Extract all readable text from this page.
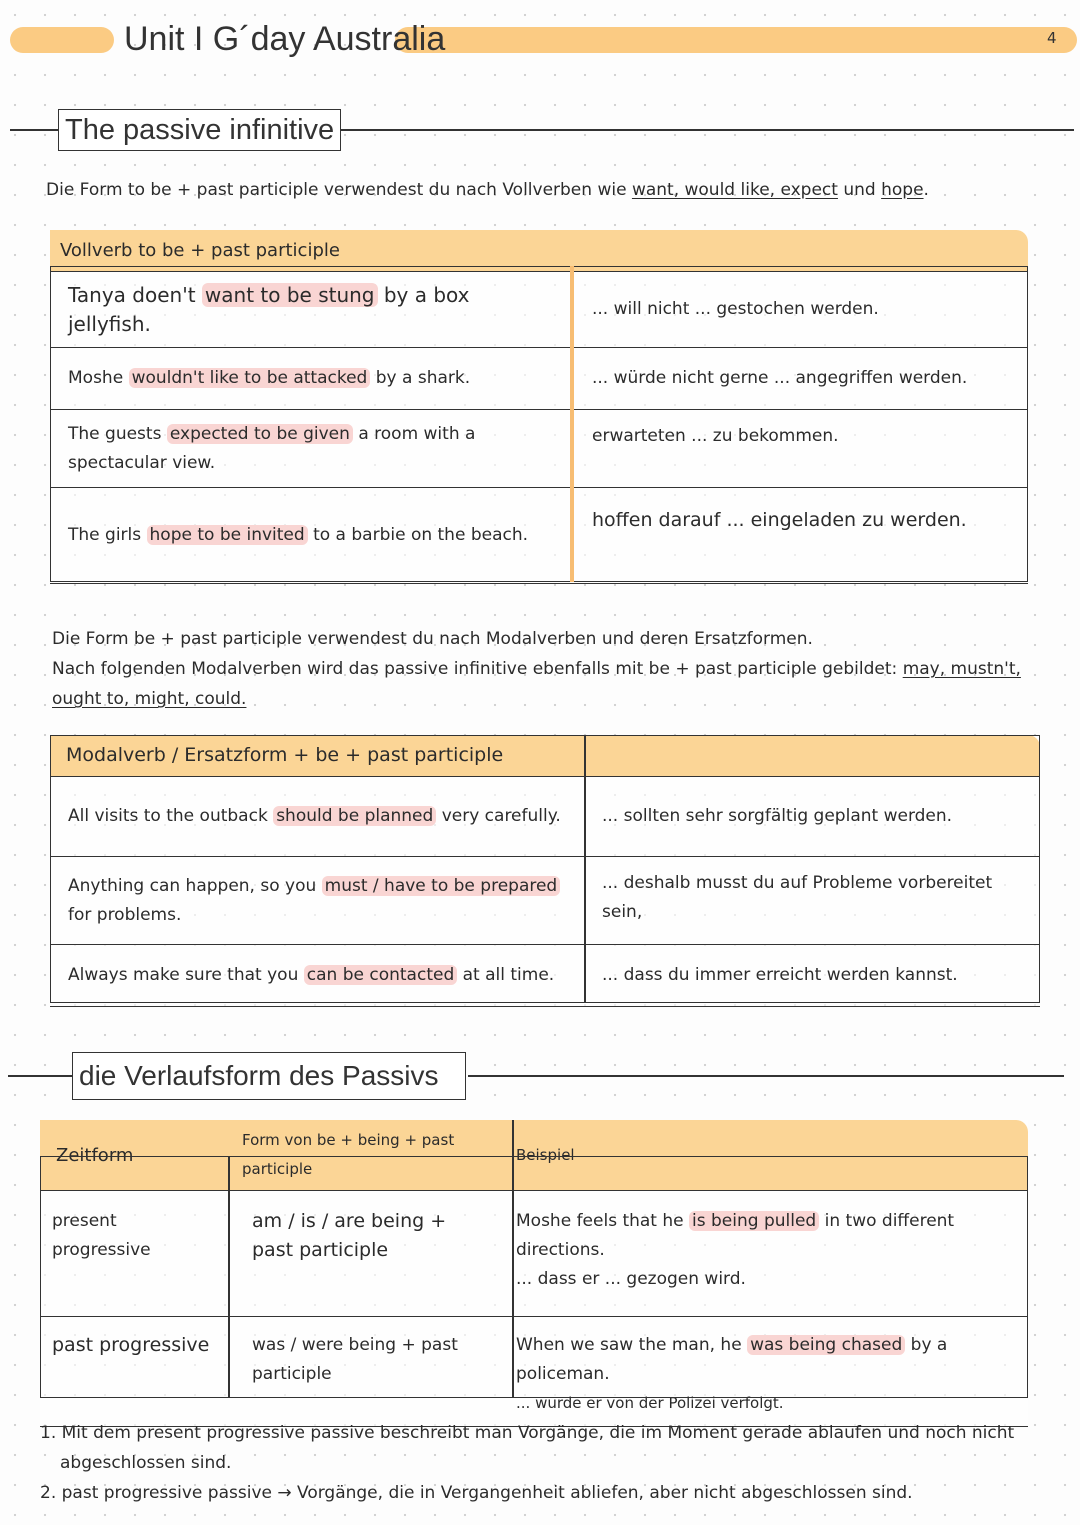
Unit I G´day Australia	4
The passive infinitive
Die Form to be + past participle verwendest du nach Vollverben wie want, would like, expect und hope.
Vollverb to be + past participle	
Tanya doen't want to be stung by a box jellyfish.	... will nicht ... gestochen werden.
Moshe wouldn't like to be attacked by a shark.	... würde nicht gerne ... angegriffen werden.
The guests expected to be given a room with a spectacular view.	erwarteten ... zu bekommen.
The girls hope to be invited to a barbie on the beach.	hoffen darauf ... eingeladen zu werden.

Die Form be + past participle verwendest du nach Modalverben und deren Ersatzformen.

Nach folgenden Modalverben wird das passive infinitive ebenfalls mit be + past participle gebildet: may, mustn't, ought to, might, could.

Modalverb / Ersatzform + be + past participle	
All visits to the outback should be planned very carefully.	... sollten sehr sorgfältig geplant werden.
Anything can happen, so you must / have to be prepared for problems.	... deshalb musst du auf Probleme vorbereitet sein,
Always make sure that you can be contacted at all time.	... dass du immer erreicht werden kannst.
die Verlaufsform des Passivs
Zeitform	Form von be + being + past participle	Beispiel
present progressive	am / is / are being + past participle	Moshe feels that he is being pulled in two different directions.
... dass er ... gezogen wird.

past progressive	was / were being + past participle	When we saw the man, he was being chased by a policeman.
... wurde er von der Polizei verfolgt.

1. Mit dem present progressive passive beschreibt man Vorgänge, die im Moment gerade ablaufen und noch nicht abgeschlossen sind.

2. past progressive passive → Vorgänge, die in Vergangenheit abliefen, aber nicht abgeschlossen sind.
